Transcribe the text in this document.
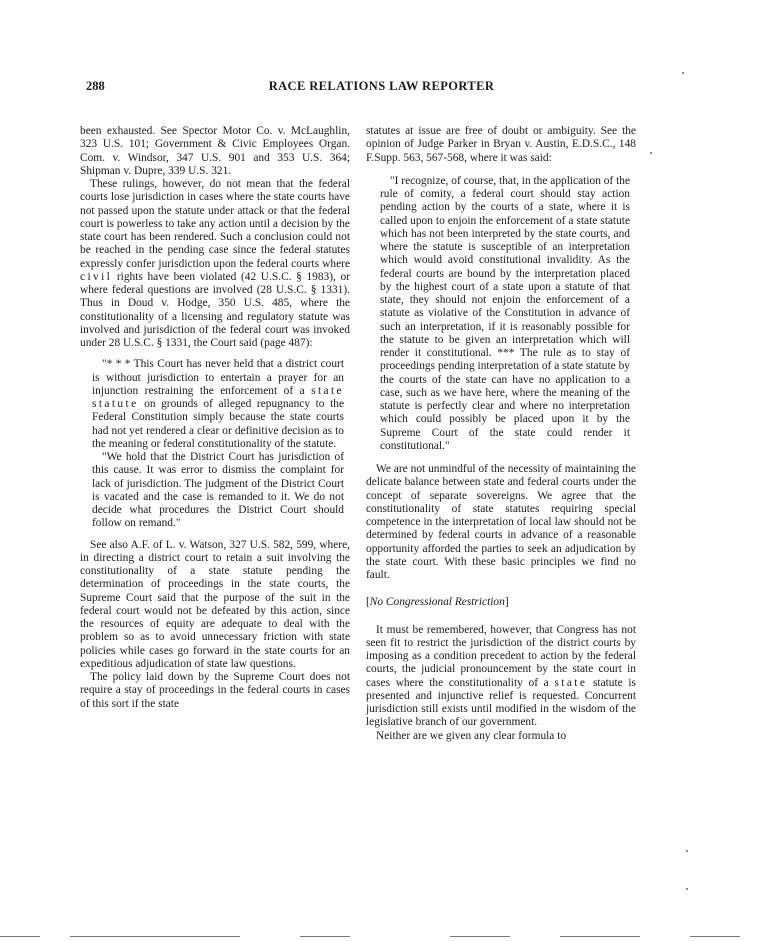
288	RACE RELATIONS LAW REPORTER

been exhausted. See Spector Motor Co. v. McLaughlin, 323 U.S. 101; Government & Civic Employees Organ. Com. v. Windsor, 347 U.S. 901 and 353 U.S. 364; Shipman v. Dupre, 339 U.S. 321.

These rulings, however, do not mean that the federal courts lose jurisdiction in cases where the state courts have not passed upon the statute under attack or that the federal court is powerless to take any action until a decision by the state court has been rendered. Such a conclusion could not be reached in the pending case since the federal statutes expressly confer jurisdiction upon the federal courts where civil rights have been violated (42 U.S.C. § 1983), or where federal questions are involved (28 U.S.C. § 1331). Thus in Doud v. Hodge, 350 U.S. 485, where the constitutionality of a licensing and regulatory statute was involved and jurisdiction of the federal court was invoked under 28 U.S.C. § 1331, the Court said (page 487):

"* * * This Court has never held that a district court is without jurisdiction to entertain a prayer for an injunction restraining the enforcement of a state statute on grounds of alleged repugnancy to the Federal Constitution simply because the state courts had not yet rendered a clear or definitive decision as to the meaning or federal constitutionality of the statute.
"We hold that the District Court has jurisdiction of this cause. It was error to dismiss the complaint for lack of jurisdiction. The judgment of the District Court is vacated and the case is remanded to it. We do not decide what procedures the District Court should follow on remand."

See also A.F. of L. v. Watson, 327 U.S. 582, 599, where, in directing a district court to retain a suit involving the constitutionality of a state statute pending the determination of proceedings in the state courts, the Supreme Court said that the purpose of the suit in the federal court would not be defeated by this action, since the resources of equity are adequate to deal with the problem so as to avoid unnecessary friction with state policies while cases go forward in the state courts for an expeditious adjudication of state law questions.

The policy laid down by the Supreme Court does not require a stay of proceedings in the federal courts in cases of this sort if the state

statutes at issue are free of doubt or ambiguity. See the opinion of Judge Parker in Bryan v. Austin, E.D.S.C., 148 F.Supp. 563, 567-568, where it was said:

"I recognize, of course, that, in the application of the rule of comity, a federal court should stay action pending action by the courts of a state, where it is called upon to enjoin the enforcement of a state statute which has not been interpreted by the state courts, and where the statute is susceptible of an interpretation which would avoid constitutional invalidity. As the federal courts are bound by the interpretation placed by the highest court of a state upon a statute of that state, they should not enjoin the enforcement of a statute as violative of the Constitution in advance of such an interpretation, if it is reasonably possible for the statute to be given an interpretation which will render it constitutional. *** The rule as to stay of proceedings pending interpretation of a state statute by the courts of the state can have no application to a case, such as we have here, where the meaning of the statute is perfectly clear and where no interpretation which could possibly be placed upon it by the Supreme Court of the state could render it constitutional."

We are not unmindful of the necessity of maintaining the delicate balance between state and federal courts under the concept of separate sovereigns. We agree that the constitutionality of state statutes requiring special competence in the interpretation of local law should not be determined by federal courts in advance of a reasonable opportunity afforded the parties to seek an adjudication by the state court. With these basic principles we find no fault.

[No Congressional Restriction]

It must be remembered, however, that Congress has not seen fit to restrict the jurisdiction of the district courts by imposing as a condition precedent to action by the federal courts, the judicial pronouncement by the state court in cases where the constitutionality of a state statute is presented and injunctive relief is requested. Concurrent jurisdiction still exists until modified in the wisdom of the legislative branch of our government.

Neither are we given any clear formula to
